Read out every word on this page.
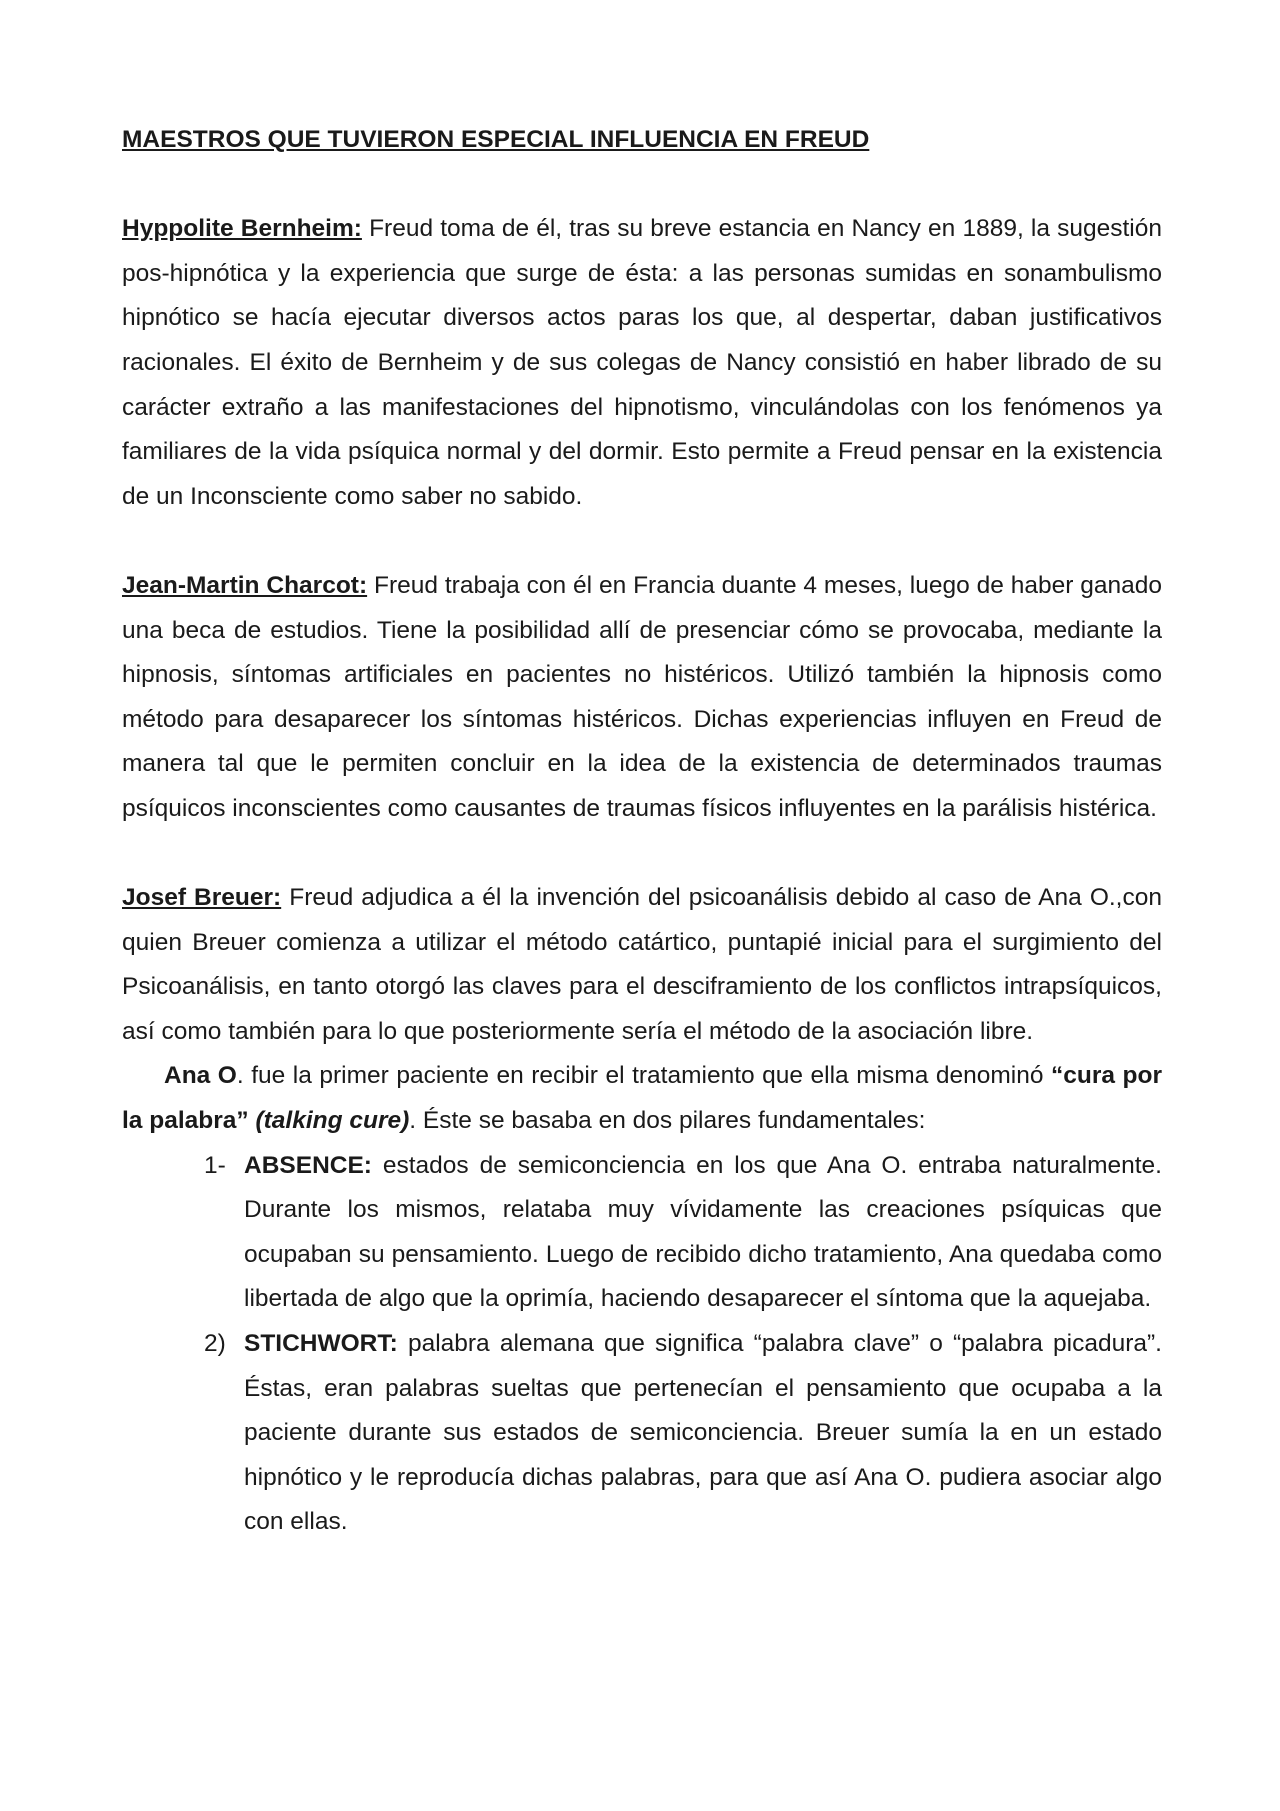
MAESTROS QUE TUVIERON ESPECIAL INFLUENCIA EN FREUD

Hyppolite Bernheim: Freud toma de él, tras su breve estancia en Nancy en 1889, la sugestión pos-hipnótica y la experiencia que surge de ésta: a las personas sumidas en sonambulismo hipnótico se hacía ejecutar diversos actos paras los que, al despertar, daban justificativos racionales. El éxito de Bernheim y de sus colegas de Nancy consistió en haber librado de su carácter extraño a las manifestaciones del hipnotismo, vinculándolas con los fenómenos ya familiares de la vida psíquica normal y del dormir. Esto permite a Freud pensar en la existencia de un Inconsciente como saber no sabido.

Jean-Martin Charcot: Freud trabaja con él en Francia duante 4 meses, luego de haber ganado una beca de estudios. Tiene la posibilidad allí de presenciar cómo se provocaba, mediante la hipnosis, síntomas artificiales en pacientes no histéricos. Utilizó también la hipnosis como método para desaparecer los síntomas histéricos. Dichas experiencias influyen en Freud de manera tal que le permiten concluir en la idea de la existencia de determinados traumas psíquicos inconscientes como causantes de traumas físicos influyentes en la parálisis histérica.

Josef Breuer: Freud adjudica a él la invención del psicoanálisis debido al caso de Ana O.,con quien Breuer comienza a utilizar el método catártico, puntapié inicial para el surgimiento del Psicoanálisis, en tanto otorgó las claves para el desciframiento de los conflictos intrapsíquicos, así como también para lo que posteriormente sería el método de la asociación libre.

Ana O. fue la primer paciente en recibir el tratamiento que ella misma denominó “cura por la palabra” (talking cure). Éste se basaba en dos pilares fundamentales:

1- ABSENCE: estados de semiconciencia en los que Ana O. entraba naturalmente. Durante los mismos, relataba muy vívidamente las creaciones psíquicas que ocupaban su pensamiento. Luego de recibido dicho tratamiento, Ana quedaba como libertada de algo que la oprimía, haciendo desaparecer el síntoma que la aquejaba.
2) STICHWORT: palabra alemana que significa “palabra clave” o “palabra picadura”. Éstas, eran palabras sueltas que pertenecían el pensamiento que ocupaba a la paciente durante sus estados de semiconciencia. Breuer sumía la en un estado hipnótico y le reproducía dichas palabras, para que así Ana O. pudiera asociar algo con ellas.
